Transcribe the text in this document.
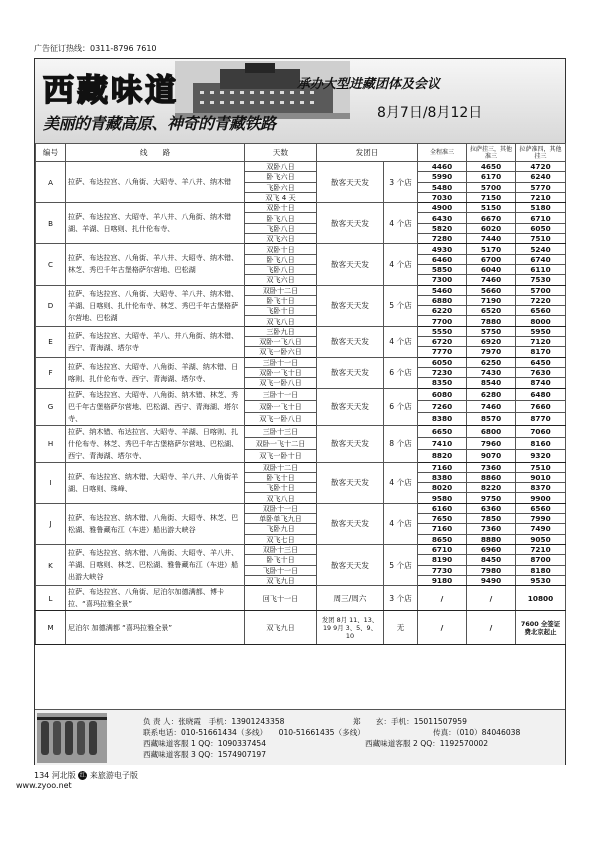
广告征订热线：0311-8796 7610
西藏味道
美丽的青藏高原、神奇的青藏铁路
承办大型进藏团体及会议
8月7日/8月12日
编号	线　　路	天数	发团日		全程准三	拉萨挂三，其他准三	拉萨准四，其他挂三
A	拉萨、布达拉宫、八角街、大昭寺、羊八井、纳木错	双卧八日	散客天天发	3 个店	4460	4650	4720
		卧飞六日			5990	6170	6240
		飞卧六日			5480	5700	5770
		双飞 4 天			7030	7150	7210
B	拉萨、布达拉宫、大昭寺、羊八井、八角街、纳木错湖、羊湖、日喀则、扎什伦布寺、	双卧十日	散客天天发	4 个店	4900	5150	5180
		卧飞八日			6430	6670	6710
		飞卧八日			5820	6020	6050
		双飞六日			7280	7440	7510
C	拉萨、布达拉宫、八角街、羊八井、大昭寺、纳木错、林芝、秀巴千年古堡格萨尔营地、巴松湖	双卧十日	散客天天发	4 个店	4930	5170	5240
		卧飞八日			6460	6700	6740
		飞卧八日			5850	6040	6110
		双飞六日			7300	7460	7530
D	拉萨、布达拉宫、八角街、大昭寺、羊八井、纳木错、羊湖、日喀则、扎什伦布寺、林芝、秀巴千年古堡格萨尔营地、巴松湖	双卧十二日	散客天天发	5 个店	5460	5660	5700
		卧飞十日			6880	7190	7220
		飞卧十日			6220	6520	6560
		双飞八日			7700	7880	8000
E	拉萨、布达拉宫、大昭寺、羊八、井八角街、纳木错、西宁、青海湖、塔尔寺	三卧九日	散客天天发	4 个店	5550	5750	5950
		双卧一飞八日			6720	6920	7120
		双飞一卧六日			7770	7970	8170
F	拉萨、布达拉宫、大昭寺、八角街、羊湖、纳木错、日喀则、扎什伦布寺、西宁、青海湖、塔尔寺、	三卧十一日	散客天天发	6 个店	6050	6250	6450
		双卧一飞十日			7230	7430	7630
		双飞一卧八日			8350	8540	8740
G	拉萨、布达拉宫、大昭寺、八角街、纳木错、林芝、秀巴千年古堡格萨尔营地、巴松湖、西宁、青海湖、塔尔寺、	三卧十一日	散客天天发	6 个店	6080	6280	6480
		双卧一飞十日			7260	7460	7660
		双飞一卧八日			8380	8570	8770
H	拉萨、纳木错、布达拉宫、大昭寺、羊湖、日喀则、扎什伦布寺、林芝、秀巴千年古堡格萨尔营地、巴松湖、西宁、青海湖、塔尔寺、	三卧十三日	散客天天发	8 个店	6650	6800	7060
		双卧一飞十二日			7410	7960	8160
		双飞一卧十日			8820	9070	9320
I	拉萨、布达拉宫、纳木错、大昭寺、羊八井、八角街羊湖、日喀则、珠峰、	双卧十二日	散客天天发	4 个店	7160	7360	7510
		卧飞十日			8380	8860	9010
		飞卧十日			8020	8220	8370
		双飞八日			9580	9750	9900
J	拉萨、布达拉宫、纳木错、八角街、大昭寺、林芝、巴松湖、雅鲁藏布江（车进）船出游大峡谷	双卧十一日	散客天天发	4 个店	6160	6360	6560
		单卧单飞九日			7650	7850	7990
		飞卧九日			7160	7360	7490
		双飞七日			8650	8880	9050
K	拉萨、布达拉宫、纳木错、八角街、大昭寺、羊八井、羊湖、日喀则、林芝、巴松湖、雅鲁藏布江（车进）船出游大峡谷	双卧十三日	散客天天发	5 个店	6710	6960	7210
		卧飞十日			8190	8450	8700
		飞卧十一日			7730	7980	8180
		双飞九日			9180	9490	9530
L	拉萨、布达拉宫、八角街、尼泊尔加德满都、博卡拉、“喜玛拉雅全景”	回飞十一日	周三/周六	3 个店	/	/	10800
M	尼泊尔 加德满都 “喜玛拉雅全景”	双飞九日	发团 8月 11、13、19 9月 3、5、9、10	无	/	/	7600 全签证费北京起止
负 责 人：张晓霞　手机：13901243358	郑　　玄：手机：15011507959
联系电话：010-51661434（多线）　　010-51661435（多线）	传真：（010）84046038
西藏味道客服 1 QQ：1090337454	西藏味道客服 2 QQ：1192570002
西藏味道客服 3 QQ：1574907197
134 河北版 红 来旅游电子版
www.zyoo.net
